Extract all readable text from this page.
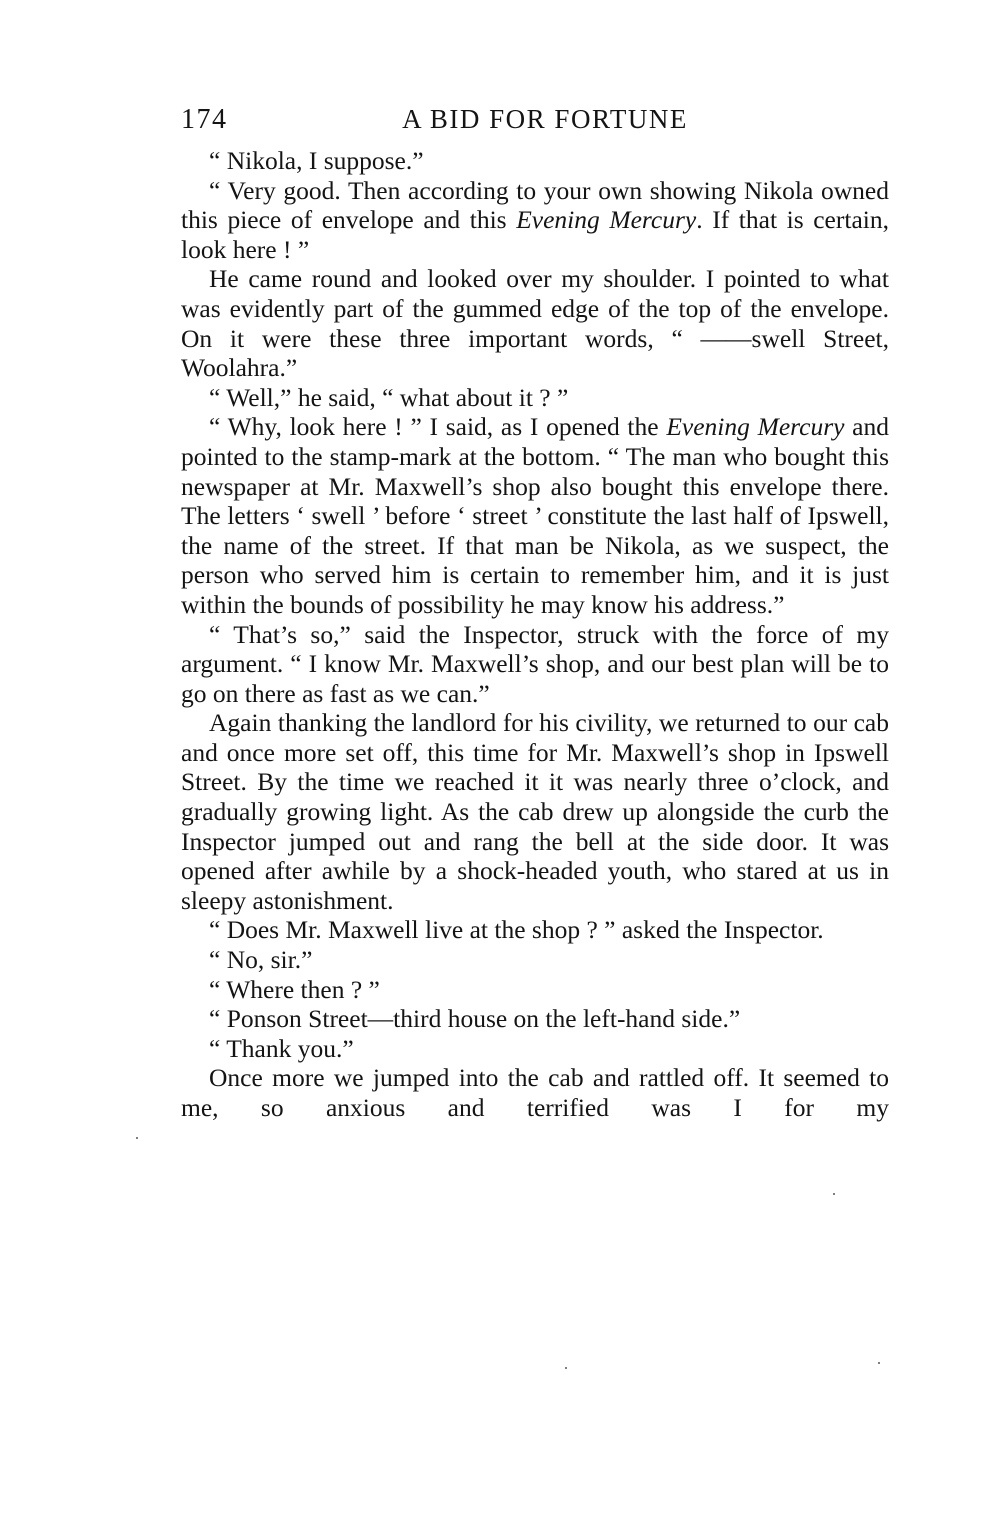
174	A BID FOR FORTUNE

“ Nikola, I suppose.”

“ Very good. Then according to your own showing Nikola owned this piece of envelope and this Evening Mercury. If that is certain, look here ! ”

He came round and looked over my shoulder. I pointed to what was evidently part of the gummed edge of the top of the envelope. On it were these three important words, “ ——swell Street, Woolahra.”

“ Well,” he said, “ what about it ? ”

“ Why, look here ! ” I said, as I opened the Evening Mercury and pointed to the stamp-mark at the bottom. “ The man who bought this newspaper at Mr. Maxwell’s shop also bought this envelope there. The letters ‘ swell ’ before ‘ street ’ constitute the last half of Ipswell, the name of the street. If that man be Nikola, as we suspect, the person who served him is certain to remember him, and it is just within the bounds of possibility he may know his address.”

“ That’s so,” said the Inspector, struck with the force of my argument. “ I know Mr. Maxwell’s shop, and our best plan will be to go on there as fast as we can.”

Again thanking the landlord for his civility, we returned to our cab and once more set off, this time for Mr. Maxwell’s shop in Ipswell Street. By the time we reached it it was nearly three o’clock, and gradually growing light. As the cab drew up alongside the curb the Inspector jumped out and rang the bell at the side door. It was opened after awhile by a shock-headed youth, who stared at us in sleepy astonishment.

“ Does Mr. Maxwell live at the shop ? ” asked the Inspector.

“ No, sir.”

“ Where then ? ”

“ Ponson Street—third house on the left-hand side.”

“ Thank you.”

Once more we jumped into the cab and rattled off. It seemed to me, so anxious and terrified was I for my
